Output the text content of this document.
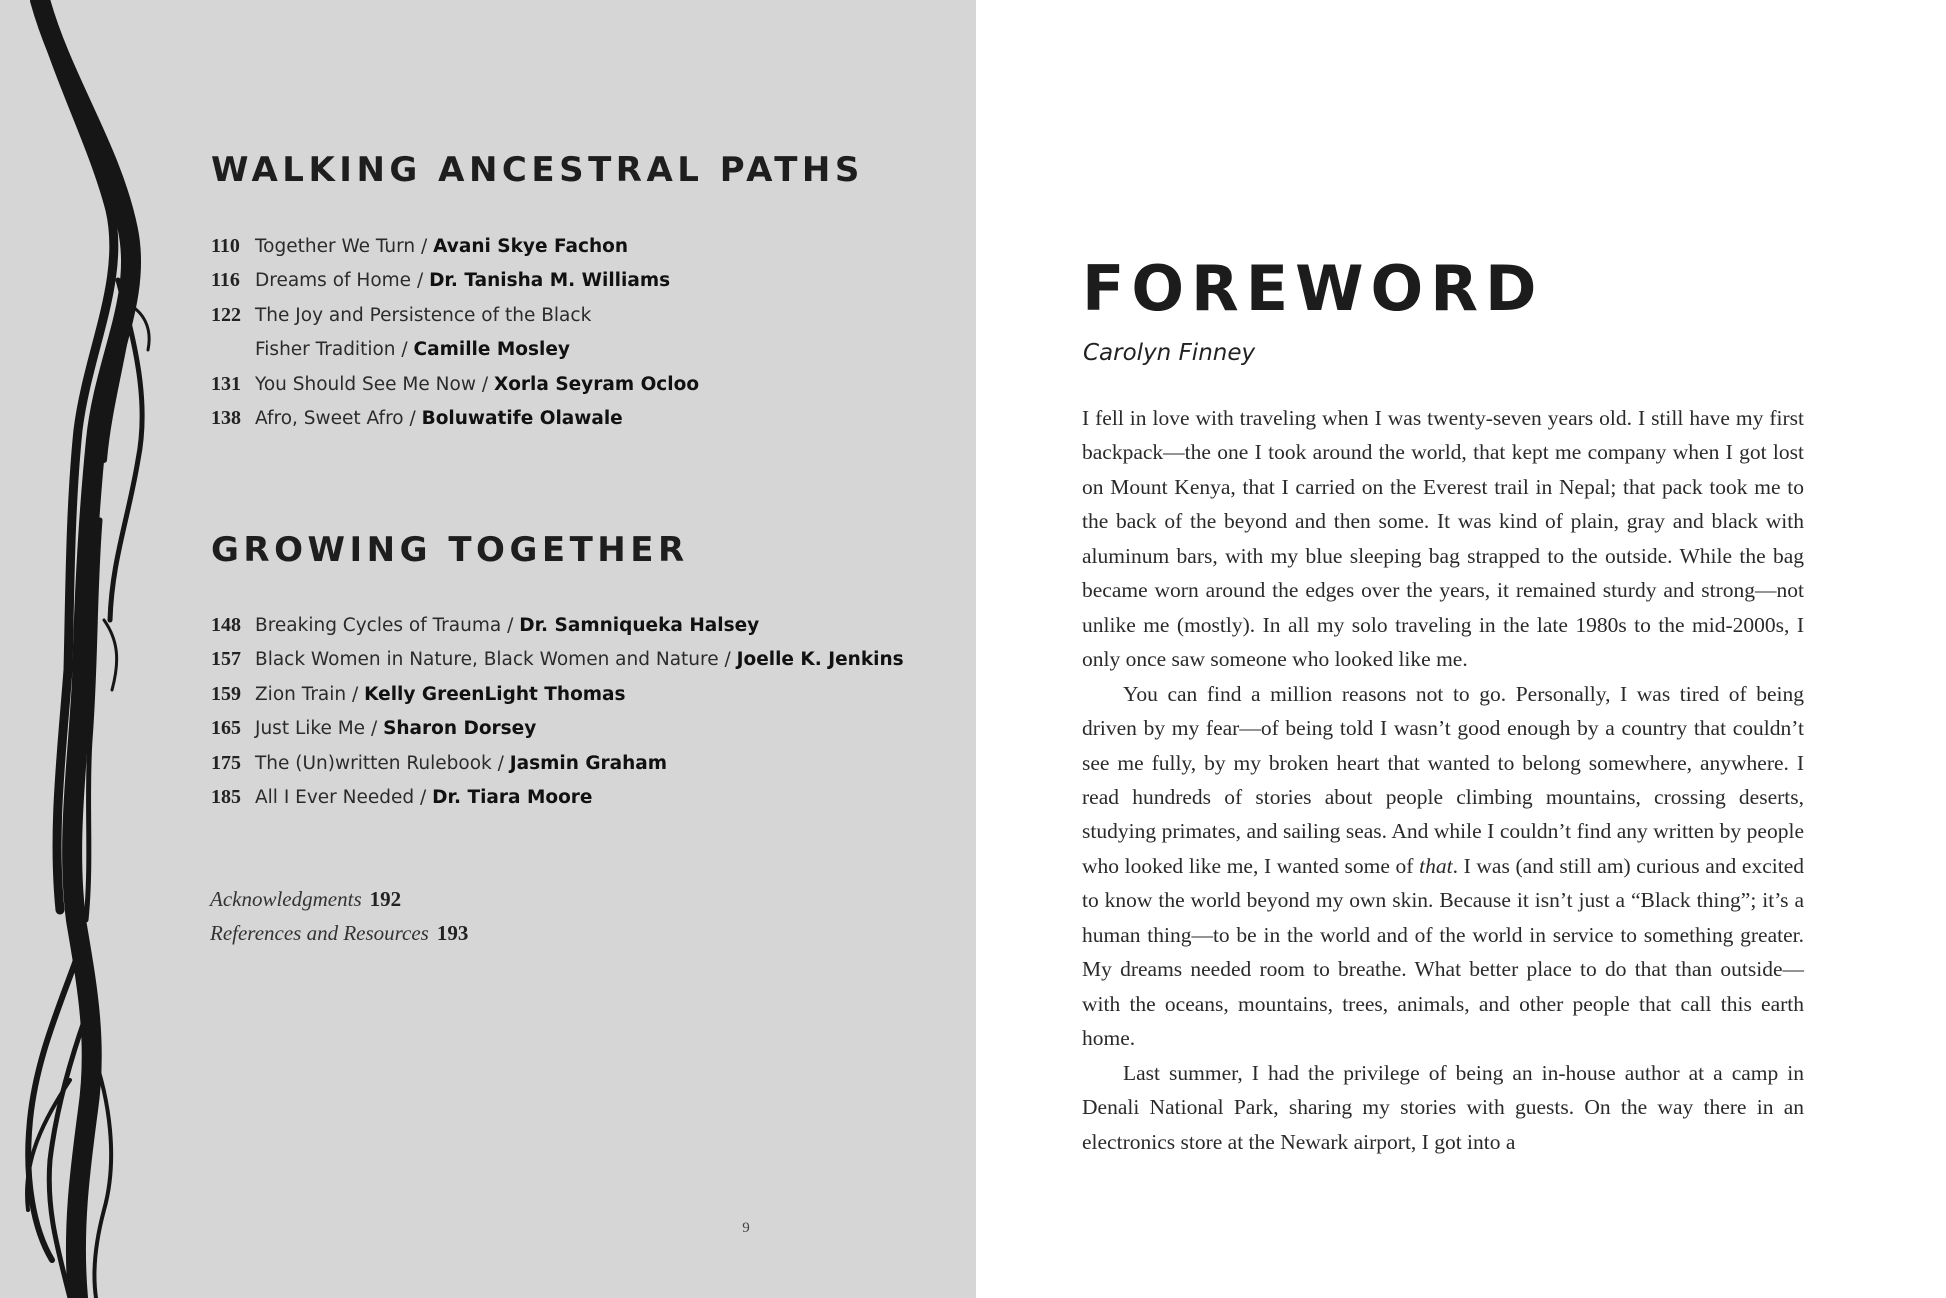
WALKING ANCESTRAL PATHS
110 Together We Turn / Avani Skye Fachon
116 Dreams of Home / Dr. Tanisha M. Williams
122 The Joy and Persistence of the Black
Fisher Tradition / Camille Mosley
131 You Should See Me Now / Xorla Seyram Ocloo
138 Afro, Sweet Afro / Boluwatife Olawale
GROWING TOGETHER
148 Breaking Cycles of Trauma / Dr. Samniqueka Halsey
157 Black Women in Nature, Black Women and Nature / Joelle K. Jenkins
159 Zion Train / Kelly GreenLight Thomas
165 Just Like Me / Sharon Dorsey
175 The (Un)written Rulebook / Jasmin Graham
185 All I Ever Needed / Dr. Tiara Moore
Acknowledgments 192
References and Resources 193
FOREWORD

Carolyn Finney

I fell in love with traveling when I was twenty-seven years old. I still have my first backpack—the one I took around the world, that kept me company when I got lost on Mount Kenya, that I carried on the Everest trail in Nepal; that pack took me to the back of the beyond and then some. It was kind of plain, gray and black with aluminum bars, with my blue sleeping bag strapped to the outside. While the bag became worn around the edges over the years, it remained sturdy and strong—not unlike me (mostly). In all my solo traveling in the late 1980s to the mid-2000s, I only once saw someone who looked like me.

You can find a million reasons not to go. Personally, I was tired of being driven by my fear—of being told I wasn’t good enough by a country that couldn’t see me fully, by my broken heart that wanted to belong somewhere, anywhere. I read hundreds of stories about people climbing mountains, crossing deserts, studying primates, and sailing seas. And while I couldn’t find any written by people who looked like me, I wanted some of that. I was (and still am) curious and excited to know the world beyond my own skin. Because it isn’t just a “Black thing”; it’s a human thing—to be in the world and of the world in service to something greater. My dreams needed room to breathe. What better place to do that than outside—with the oceans, mountains, trees, animals, and other people that call this earth home.

Last summer, I had the privilege of being an in-house author at a camp in Denali National Park, sharing my stories with guests. On the way there in an electronics store at the Newark airport, I got into a

9
